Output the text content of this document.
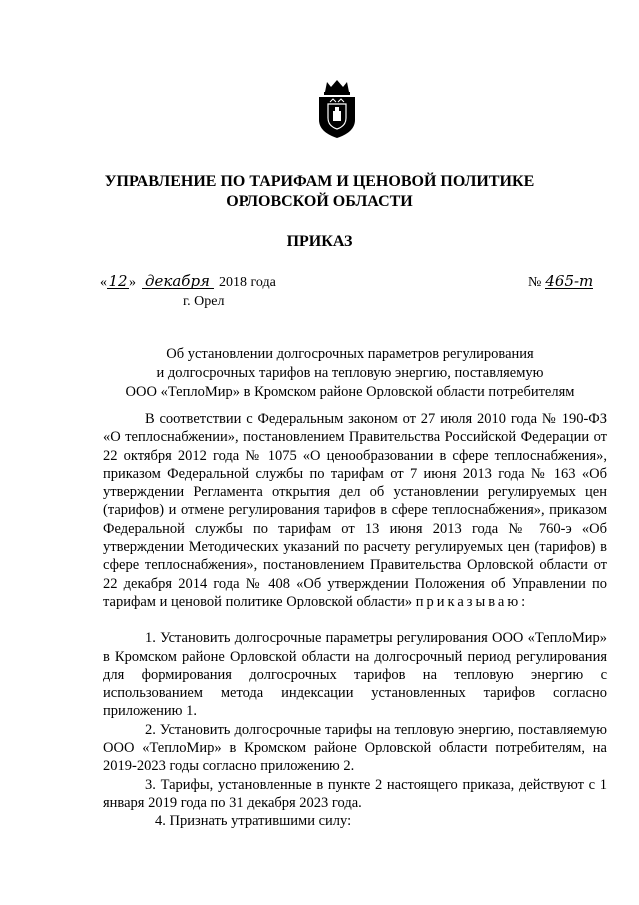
УПРАВЛЕНИЕ ПО ТАРИФАМ И ЦЕНОВОЙ ПОЛИТИКЕ
ОРЛОВСКОЙ ОБЛАСТИ
ПРИКАЗ
«12» декабря 2018 года
г. Орел
№ 465-т
Об установлении долгосрочных параметров регулирования
и долгосрочных тарифов на тепловую энергию, поставляемую
ООО «ТеплоМир» в Кромском районе Орловской области потребителям

В соответствии с Федеральным законом от 27 июля 2010 года № 190-ФЗ «О теплоснабжении», постановлением Правительства Российской Федерации от 22 октября 2012 года № 1075 «О ценообразовании в сфере теплоснабжения», приказом Федеральной службы по тарифам от 7 июня 2013 года № 163 «Об утверждении Регламента открытия дел об установлении регулируемых цен (тарифов) и отмене регулирования тарифов в сфере теплоснабжения», приказом Федеральной службы по тарифам от 13 июня 2013 года № 760-э «Об утверждении Методических указаний по расчету регулируемых цен (тарифов) в сфере теплоснабжения», постановлением Правительства Орловской области от 22 декабря 2014 года № 408 «Об утверждении Положения об Управлении по тарифам и ценовой политике Орловской области» приказываю:

1. Установить долгосрочные параметры регулирования ООО «ТеплоМир» в Кромском районе Орловской области на долгосрочный период регулирования для формирования долгосрочных тарифов на тепловую энергию с использованием метода индексации установленных тарифов согласно приложению 1.

2. Установить долгосрочные тарифы на тепловую энергию, поставляемую ООО «ТеплоМир» в Кромском районе Орловской области потребителям, на 2019-2023 годы согласно приложению 2.

3. Тарифы, установленные в пункте 2 настоящего приказа, действуют с 1 января 2019 года по 31 декабря 2023 года.

4. Признать утратившими силу:
